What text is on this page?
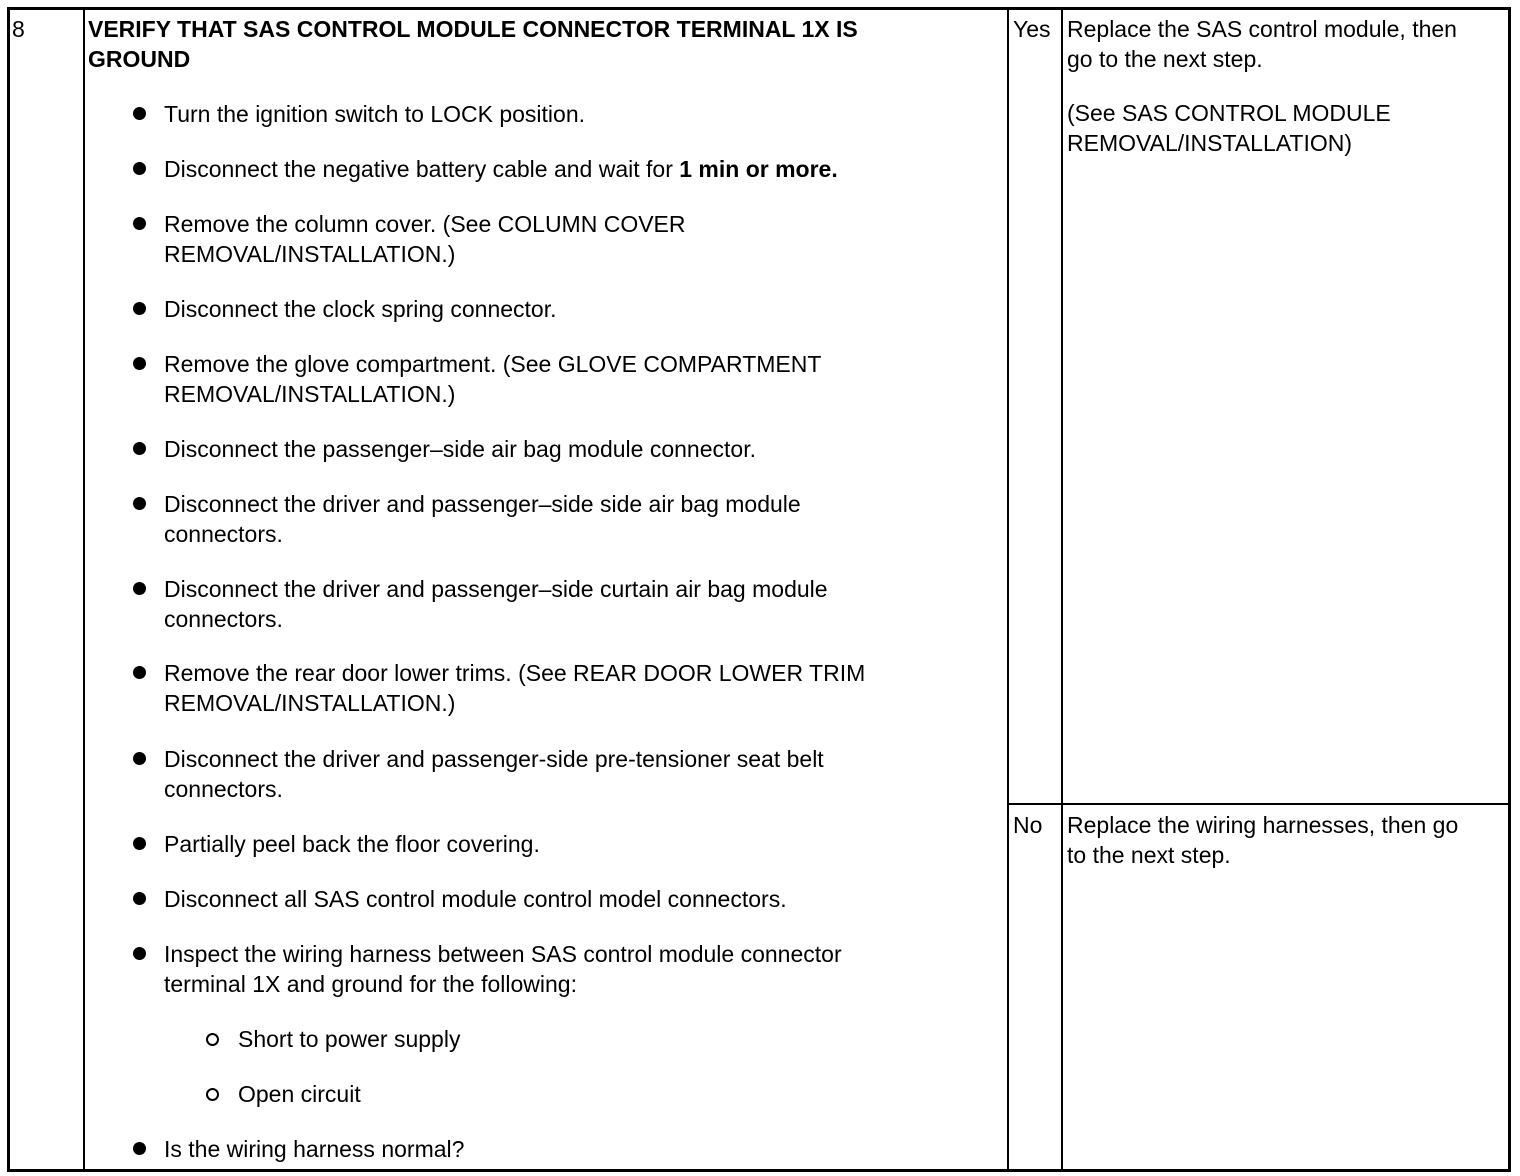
8	VERIFY THAT SAS CONTROL MODULE CONNECTOR TERMINAL 1X IS
GROUND
Turn the ignition switch to LOCK position.
Disconnect the negative battery cable and wait for 1 min or more.
Remove the column cover. (See COLUMN COVER
REMOVAL/INSTALLATION.)
Disconnect the clock spring connector.
Remove the glove compartment. (See GLOVE COMPARTMENT
REMOVAL/INSTALLATION.)
Disconnect the passenger–side air bag module connector.
Disconnect the driver and passenger–side side air bag module
connectors.
Disconnect the driver and passenger–side curtain air bag module
connectors.
Remove the rear door lower trims. (See REAR DOOR LOWER TRIM
REMOVAL/INSTALLATION.)
Disconnect the driver and passenger-side pre-tensioner seat belt
connectors.
Partially peel back the floor covering.
Disconnect all SAS control module control model connectors.
Inspect the wiring harness between SAS control module connector
terminal 1X and ground for the following:
Short to power supply
Open circuit
Is the wiring harness normal?
Yes Replace the SAS control module, then
go to the next step.
(See SAS CONTROL MODULE
REMOVAL/INSTALLATION)
No Replace the wiring harnesses, then go
to the next step.
